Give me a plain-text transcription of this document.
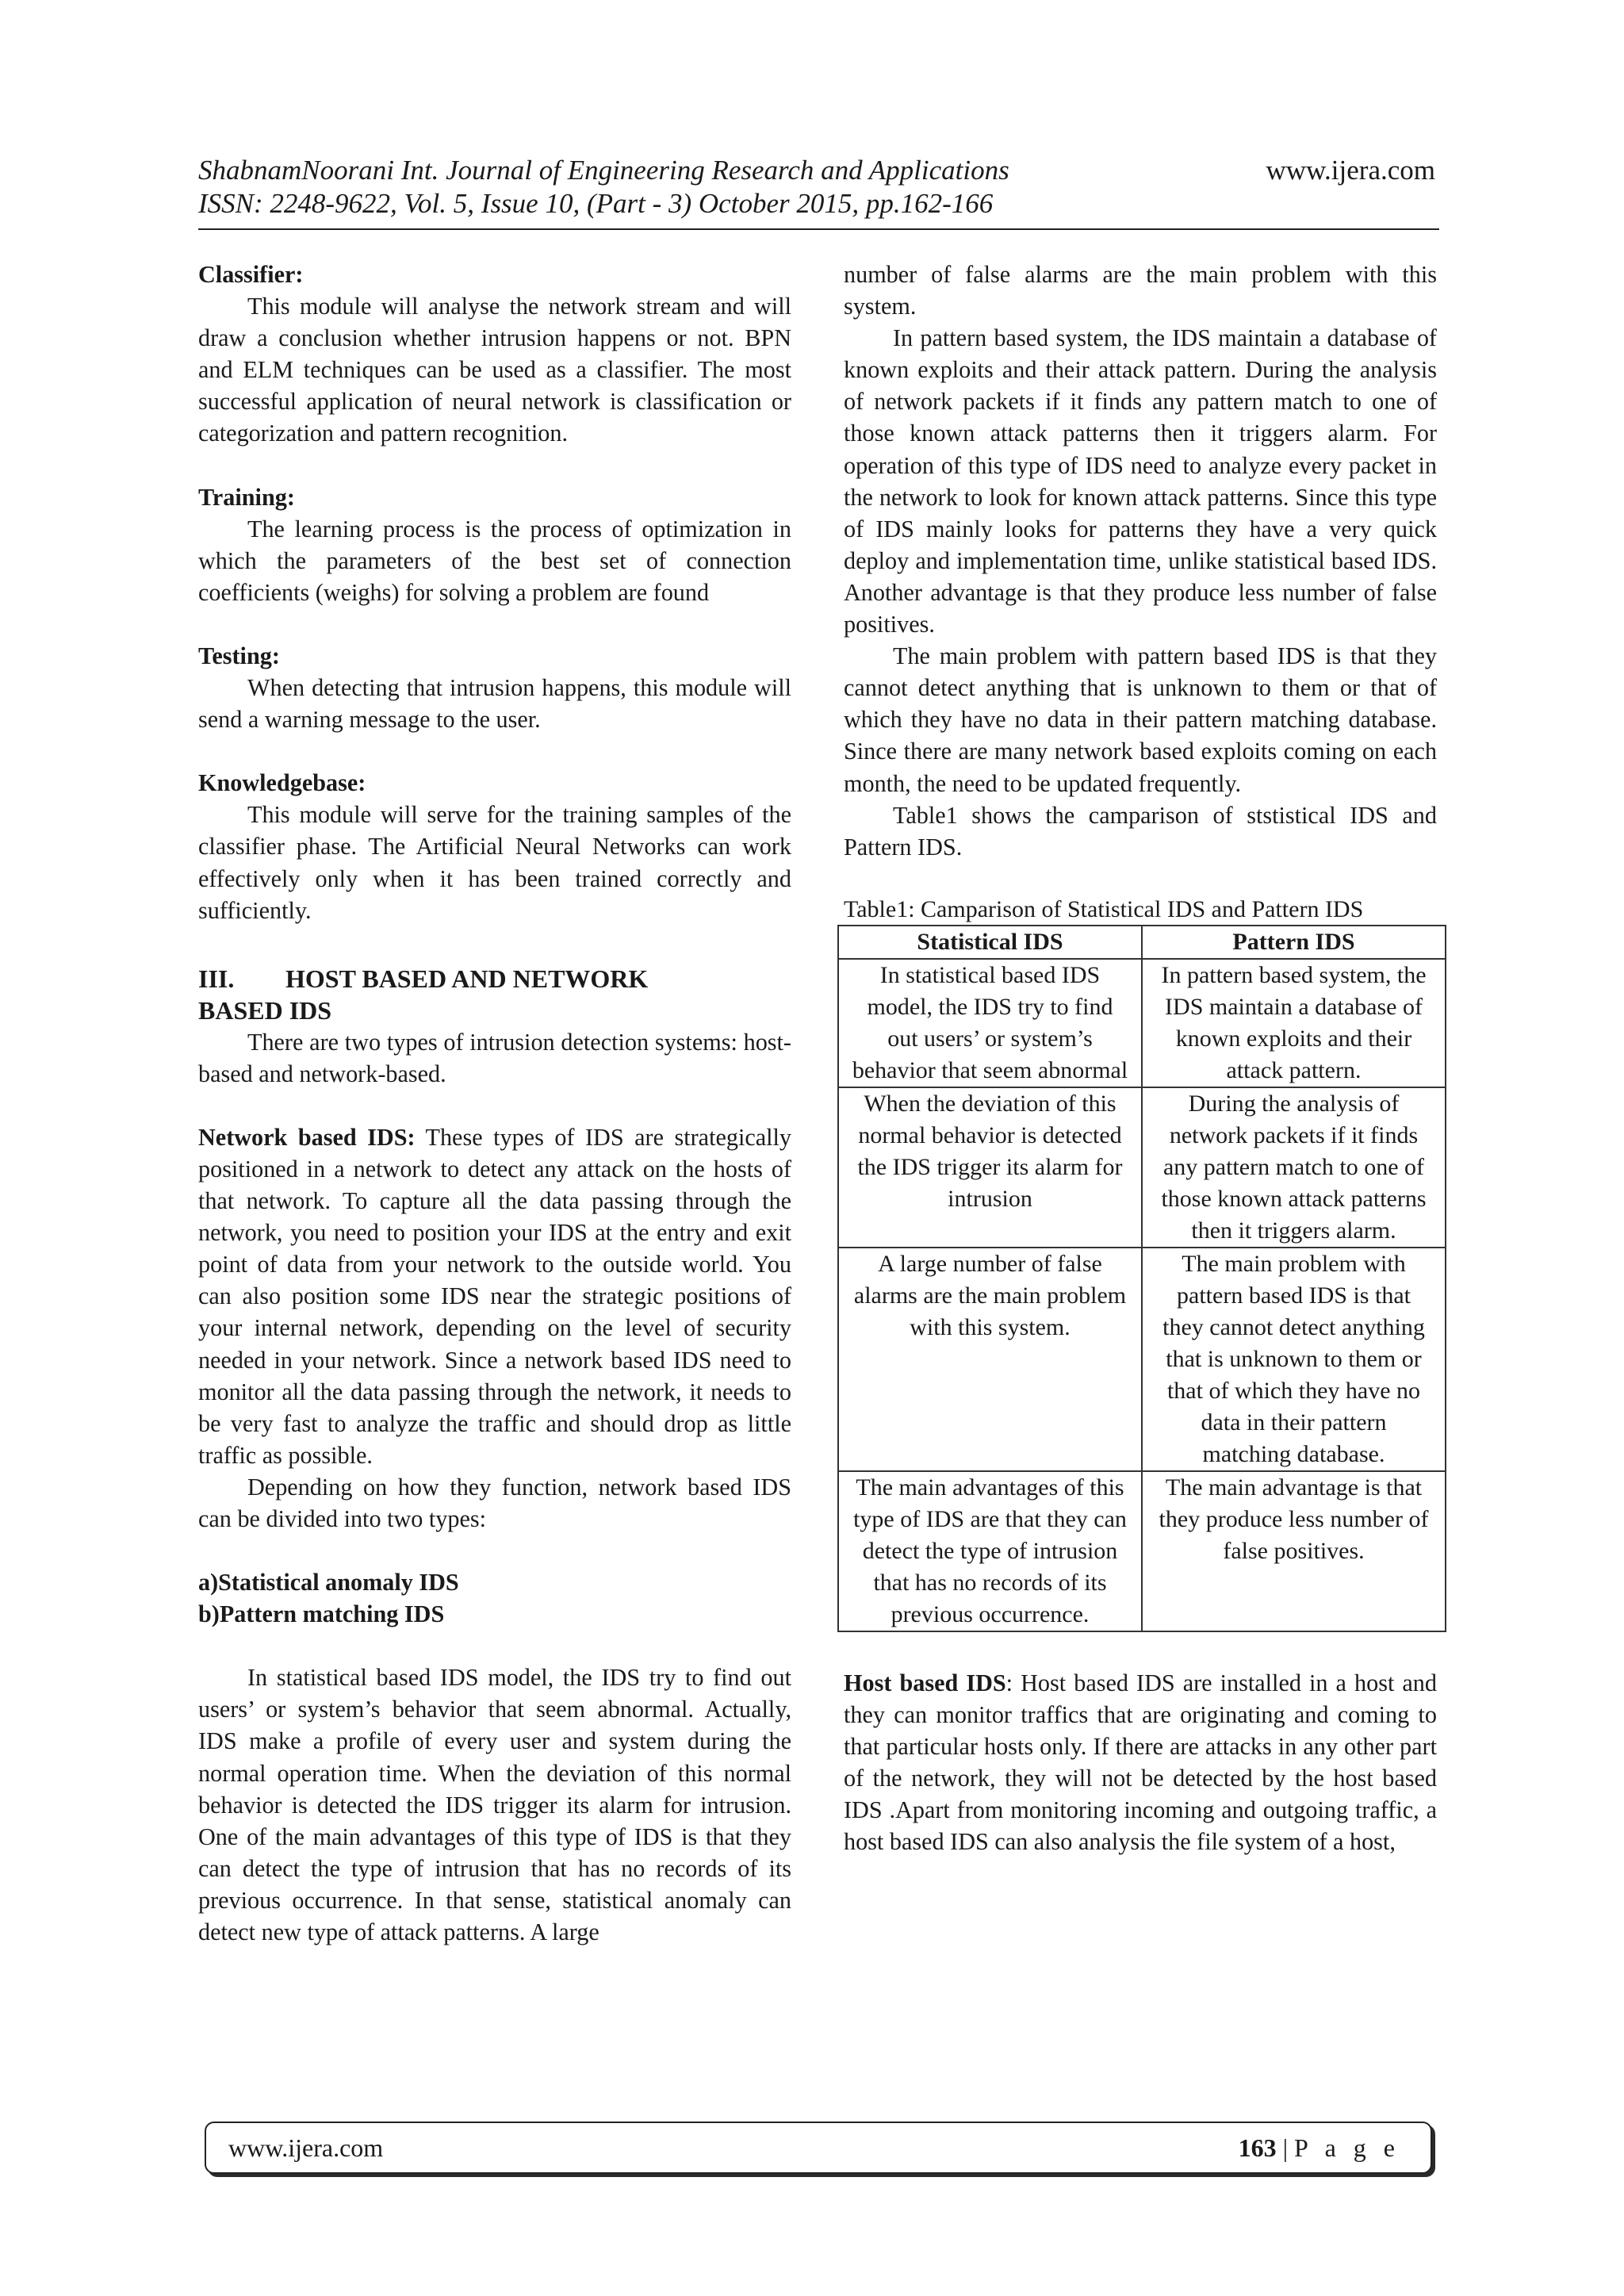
ShabnamNoorani Int. Journal of Engineering Research and Applications	www.ijera.com
ISSN: 2248-9622, Vol. 5, Issue 10, (Part - 3) October 2015, pp.162-166

Classifier:

This module will analyse the network stream and will draw a conclusion whether intrusion happens or not. BPN and ELM techniques can be used as a classifier. The most successful application of neural network is classification or categorization and pattern recognition.

Training:

The learning process is the process of optimization in which the parameters of the best set of connection coefficients (weighs) for solving a problem are found

Testing:

When detecting that intrusion happens, this module will send a warning message to the user.

Knowledgebase:

This module will serve for the training samples of the classifier phase. The Artificial Neural Networks can work effectively only when it has been trained correctly and sufficiently.

III. HOST BASED AND NETWORK

BASED IDS

There are two types of intrusion detection systems: host-based and network-based.

Network based IDS: These types of IDS are strategically positioned in a network to detect any attack on the hosts of that network. To capture all the data passing through the network, you need to position your IDS at the entry and exit point of data from your network to the outside world. You can also position some IDS near the strategic positions of your internal network, depending on the level of security needed in your network. Since a network based IDS need to monitor all the data passing through the network, it needs to be very fast to analyze the traffic and should drop as little traffic as possible.

Depending on how they function, network based IDS can be divided into two types:

a)Statistical anomaly IDS

b)Pattern matching IDS

In statistical based IDS model, the IDS try to find out users’ or system’s behavior that seem abnormal. Actually, IDS make a profile of every user and system during the normal operation time. When the deviation of this normal behavior is detected the IDS trigger its alarm for intrusion. One of the main advantages of this type of IDS is that they can detect the type of intrusion that has no records of its previous occurrence. In that sense, statistical anomaly can detect new type of attack patterns. A large

number of false alarms are the main problem with this system.

In pattern based system, the IDS maintain a database of known exploits and their attack pattern. During the analysis of network packets if it finds any pattern match to one of those known attack patterns then it triggers alarm. For operation of this type of IDS need to analyze every packet in the network to look for known attack patterns. Since this type of IDS mainly looks for patterns they have a very quick deploy and implementation time, unlike statistical based IDS. Another advantage is that they produce less number of false positives.

The main problem with pattern based IDS is that they cannot detect anything that is unknown to them or that of which they have no data in their pattern matching database. Since there are many network based exploits coming on each month, the need to be updated frequently.

Table1 shows the camparison of ststistical IDS and Pattern IDS.

Table1: Camparison of Statistical IDS and Pattern IDS

Statistical IDS	Pattern IDS
In statistical based IDS model, the IDS try to find out users’ or system’s behavior that seem abnormal	In pattern based system, the IDS maintain a database of known exploits and their attack pattern.
When the deviation of this normal behavior is detected the IDS trigger its alarm for intrusion	During the analysis of network packets if it finds any pattern match to one of those known attack patterns then it triggers alarm.
A large number of false alarms are the main problem with this system.	The main problem with pattern based IDS is that they cannot detect anything that is unknown to them or that of which they have no data in their pattern matching database.
The main advantages of this type of IDS are that they can detect the type of intrusion that has no records of its previous occurrence.	The main advantage is that they produce less number of false positives.

Host based IDS: Host based IDS are installed in a host and they can monitor traffics that are originating and coming to that particular hosts only. If there are attacks in any other part of the network, they will not be detected by the host based IDS .Apart from monitoring incoming and outgoing traffic, a host based IDS can also analysis the file system of a host,

www.ijera.com	163 | P a g e
